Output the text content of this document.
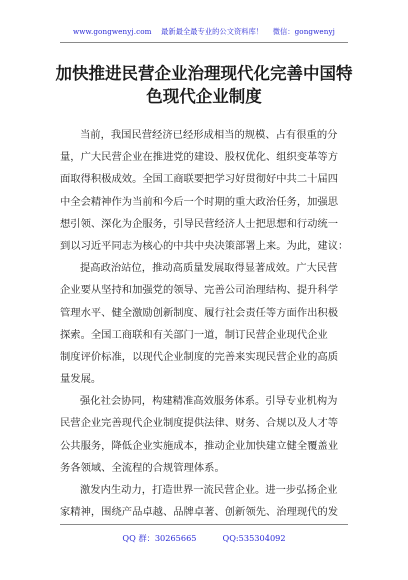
www.gongwenyj.com 最新最全最专业的公文资料库！ 微信：gongwenyj
加快推进民营企业治理现代化完善中国特
色现代企业制度
当前，我国民营经济已经形成相当的规模、占有很重的分
量，广大民营企业在推进党的建设、股权优化、组织变革等方
面取得积极成效。全国工商联要把学习好贯彻好中共二十届四
中全会精神作为当前和今后一个时期的重大政治任务，加强思
想引领、深化为企服务，引导民营经济人士把思想和行动统一
到以习近平同志为核心的中共中央决策部署上来。为此，建议：
提高政治站位，推动高质量发展取得显著成效。广大民营
企业要从坚持和加强党的领导、完善公司治理结构、提升科学
管理水平、健全激励创新制度、履行社会责任等方面作出积极
探索。全国工商联和有关部门一道，制订民营企业现代企业
制度评价标准，以现代企业制度的完善来实现民营企业的高质
量发展。
强化社会协同，构建精准高效服务体系。引导专业机构为
民营企业完善现代企业制度提供法律、财务、合规以及人才等
公共服务，降低企业实施成本，推动企业加快建立健全覆盖业
务各领域、全流程的合规管理体系。
激发内生动力，打造世界一流民营企业。进一步弘扬企业
家精神，围绕产品卓越、品牌卓著、创新领先、治理现代的发
QQ 群：30265665	QQ:535304092
